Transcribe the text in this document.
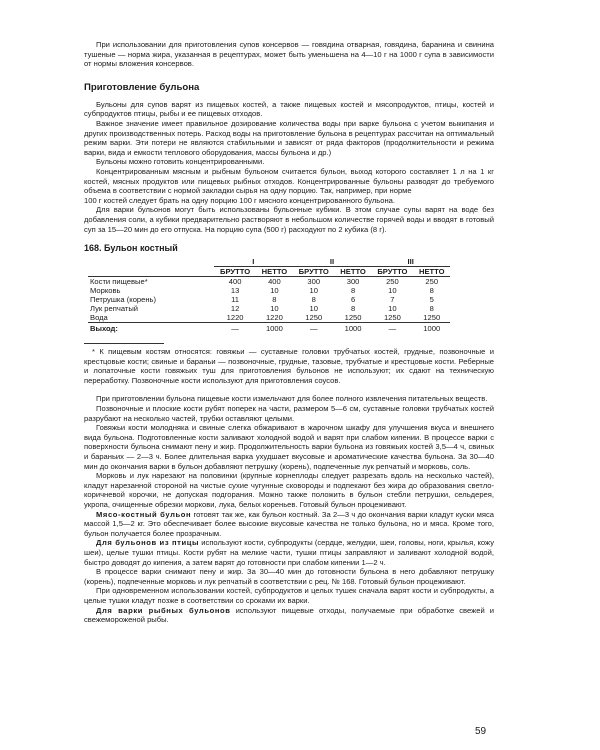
При использовании для приготовления супов консервов — говядина отварная, говядина, баранина и свинина тушеные — норма жира, указанная в рецептурах, может быть уменьшена на 4—10 г на 1000 г супа в зависимости от нормы вложения консервов.

Приготовление бульона

Бульоны для супов варят из пищевых костей, а также пищевых костей и мясопродуктов, птицы, костей и субпродуктов птицы, рыбы и ее пищевых отходов.

Важное значение имеет правильное дозирование количества воды при варке бульона с учетом выкипания и других производственных потерь. Расход воды на приготовление бульона в рецептурах рассчитан на оптимальный режим варки. Эти потери не являются стабильными и зависят от ряда факторов (продолжительности и режима варки, вида и емкости теплового оборудования, массы бульона и др.)

Бульоны можно готовить концентрированными.

Концентрированным мясным и рыбным бульоном считается бульон, выход которого составляет 1 л на 1 кг костей, мясных продуктов или пищевых рыбных отходов. Концентрированные бульоны разводят до требуемого объема в соответствии с нормой закладки сырья на одну порцию. Так, например, при норме

100 г костей следует брать на одну порцию 100 г мясного концентрированного бульона.

Для варки бульонов могут быть использованы бульонные кубики. В этом случае супы варят на воде без добавления соли, а кубики предварительно растворяют в небольшом количестве горячей воды и вводят в готовый суп за 15—20 мин до его отпуска. На порцию супа (500 г) расходуют по 2 кубика (8 г).

168. Бульон костный
	I		II		III	
	БРУТТО	НЕТТО	БРУТТО	НЕТТО	БРУТТО	НЕТТО
Кости пищевые*	400	400	300	300	250	250
Морковь	13	10	10	8	10	8
Петрушка (корень)	11	8	8	6	7	5
Лук репчатый	12	10	10	8	10	8
Вода	1220	1220	1250	1250	1250	1250
Выход:	—	1000	—	1000	—	1000

* К пищевым костям относятся: говяжьи — суставные головки трубчатых костей, грудные, позвоночные и крестцовые кости; свиные и бараньи — позвоночные, грудные, тазовые, трубчатые и крестцовые кости. Реберные и лопаточные кости говяжьих туш для приготовления бульонов не используют; их сдают на техническую переработку. Позвоночные кости используют для приготовления соусов.

При приготовлении бульона пищевые кости измельчают для более полного извлечения питательных веществ.

Позвоночные и плоские кости рубят поперек на части, размером 5—6 см, суставные головки трубчатых костей разрубают на несколько частей, трубки оставляют целыми.

Говяжьи кости молодняка и свиные слегка обжаривают в жарочном шкафу для улучшения вкуса и внешнего вида бульона. Подготовленные кости заливают холодной водой и варят при слабом кипении. В процессе варки с поверхности бульона снимают пену и жир. Продолжительность варки бульона из говяжьих костей 3,5—4 ч, свиных и бараньих — 2—3 ч. Более длительная варка ухудшает вкусовые и ароматические качества бульона. За 30—40 мин до окончания варки в бульон добавляют петрушку (корень), подпеченные лук репчатый и морковь, соль.

Морковь и лук нарезают на половинки (крупные корнеплоды следует разрезать вдоль на несколько частей), кладут нарезанной стороной на чистые сухие чугунные сковороды и подпекают без жира до образования светло-коричневой корочки, не допуская подгорания. Можно также положить в бульон стебли петрушки, сельдерея, укропа, очищенные обрезки моркови, лука, белых кореньев. Готовый бульон процеживают.

Мясо-костный бульон готовят так же, как бульон костный. За 2—3 ч до окончания варки кладут куски мяса массой 1,5—2 кг. Это обеспечивает более высокие вкусовые качества не только бульона, но и мяса. Кроме того, бульон получается более прозрачным.

Для бульонов из птицы используют кости, субпродукты (сердце, желудки, шеи, головы, ноги, крылья, кожу шеи), целые тушки птицы. Кости рубят на мелкие части, тушки птицы заправляют и заливают холодной водой, быстро доводят до кипения, а затем варят до готовности при слабом кипении 1—2 ч.

В процессе варки снимают пену и жир. За 30—40 мин до готовности бульона в него добавляют петрушку (корень), подпеченные морковь и лук репчатый в соответствии с рец. № 168. Готовый бульон процеживают.

При одновременном использовании костей, субпродуктов и целых тушек сначала варят кости и субпродукты, а целые тушки кладут позже в соответствии со сроками их варки.

Для варки рыбных бульонов используют пищевые отходы, получаемые при обработке свежей и свежемороженой рыбы.

59
